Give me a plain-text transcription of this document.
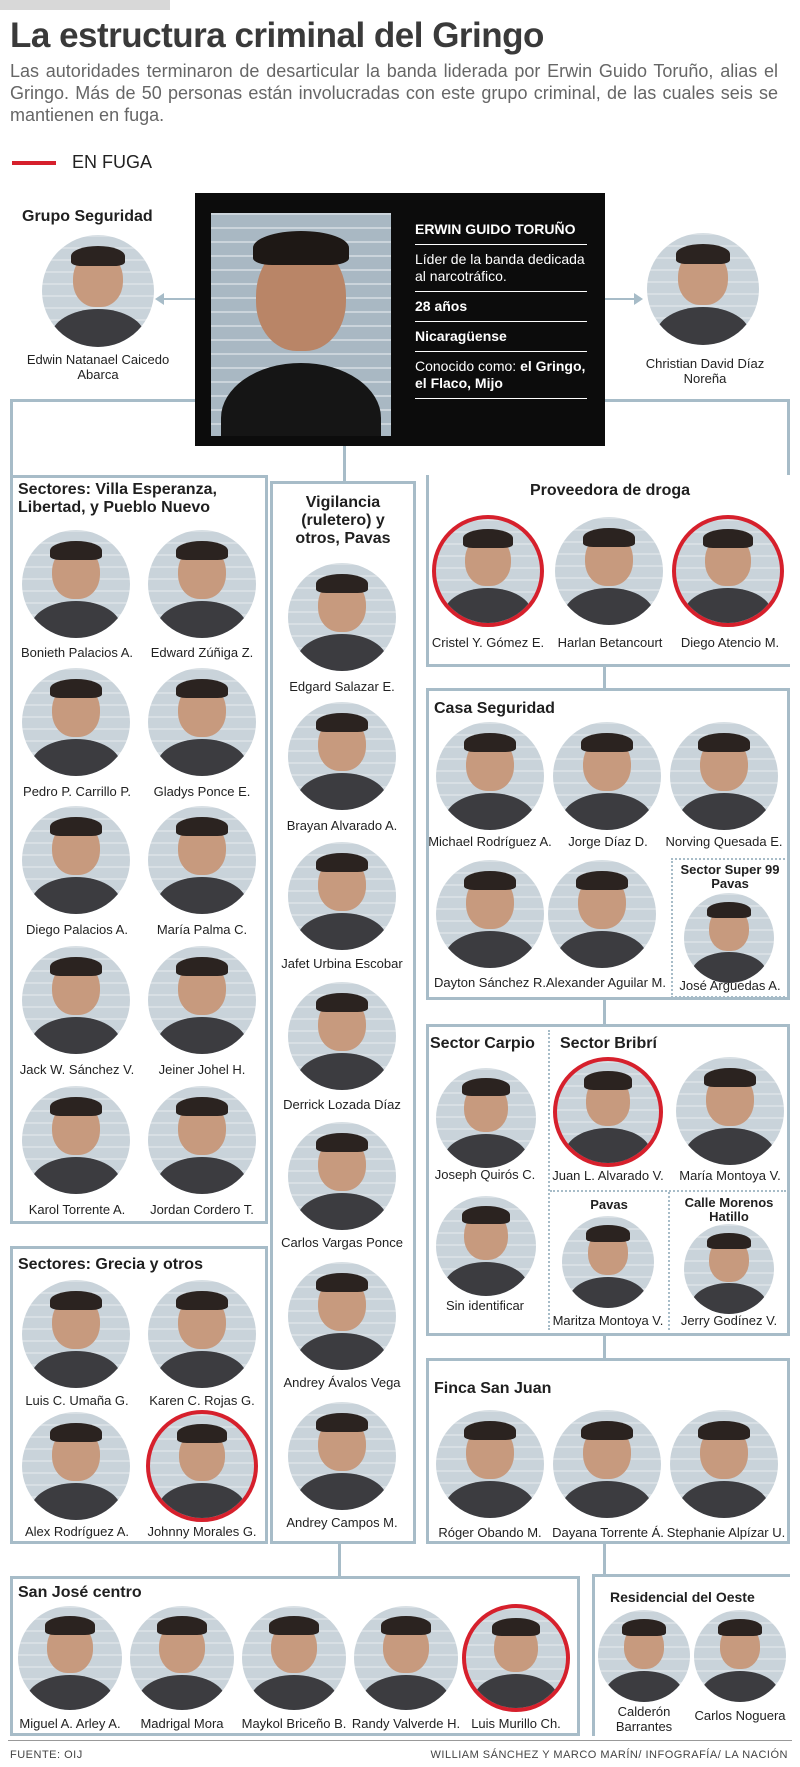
La estructura criminal del Gringo

Las autoridades terminaron de desarticular la banda liderada por Erwin Guido Toruño, alias el Gringo. Más de 50 personas están involucradas con este grupo criminal, de las cuales seis se mantienen en fuga.

EN FUGA
Grupo Seguridad
Edwin Natanael Caicedo Abarca
ERWIN GUIDO TORUÑO
Líder de la banda dedicada al narcotráfico.
28 años
Nicaragüense
Conocido como: el Gringo, el Flaco, Mijo
Christian David Díaz Noreña
Sectores: Villa Esperanza, Libertad, y Pueblo Nuevo
Bonieth Palacios A.	Edward Zúñiga Z.
Pedro P. Carrillo P.	Gladys Ponce E.
Diego Palacios A.	María Palma C.
Jack W. Sánchez V.	Jeiner Johel H.
Karol Torrente A.	Jordan Cordero T.
Sectores: Grecia y otros
Luis C. Umaña G.	Karen C. Rojas G.
Alex Rodríguez A.	Johnny Morales G.
Vigilancia (ruletero) y otros, Pavas
Edgard Salazar E.
Brayan Alvarado A.
Jafet Urbina Escobar
Derrick Lozada Díaz
Carlos Vargas Ponce
Andrey Ávalos Vega
Andrey Campos M.
Proveedora de droga
Cristel Y. Gómez E.	Harlan Betancourt	Diego Atencio M.
Casa Seguridad
Michael Rodríguez A.	Jorge Díaz D.	Norving Quesada E.
Dayton Sánchez R. Alexander Aguilar M.
Sector Super 99 Pavas
José Arguedas A.
Sector Carpio
Joseph Quirós C.
Sin identificar
Sector Bribrí
Juan L. Alvarado V.	María Montoya V.
Pavas
Maritza Montoya V.
Calle Morenos Hatillo
Jerry Godínez V.
Finca San Juan
Róger Obando M. Dayana Torrente Á. Stephanie Alpízar U.
San José centro
Miguel A. Arley A.	Madrigal Mora	Maykol Briceño B. Randy Valverde H. Luis Murillo Ch.
Residencial del Oeste
Calderón Barrantes
Carlos Noguera
FUENTE: OIJ	WILLIAM SÁNCHEZ Y MARCO MARÍN/ INFOGRAFÍA/ LA NACIÓN
